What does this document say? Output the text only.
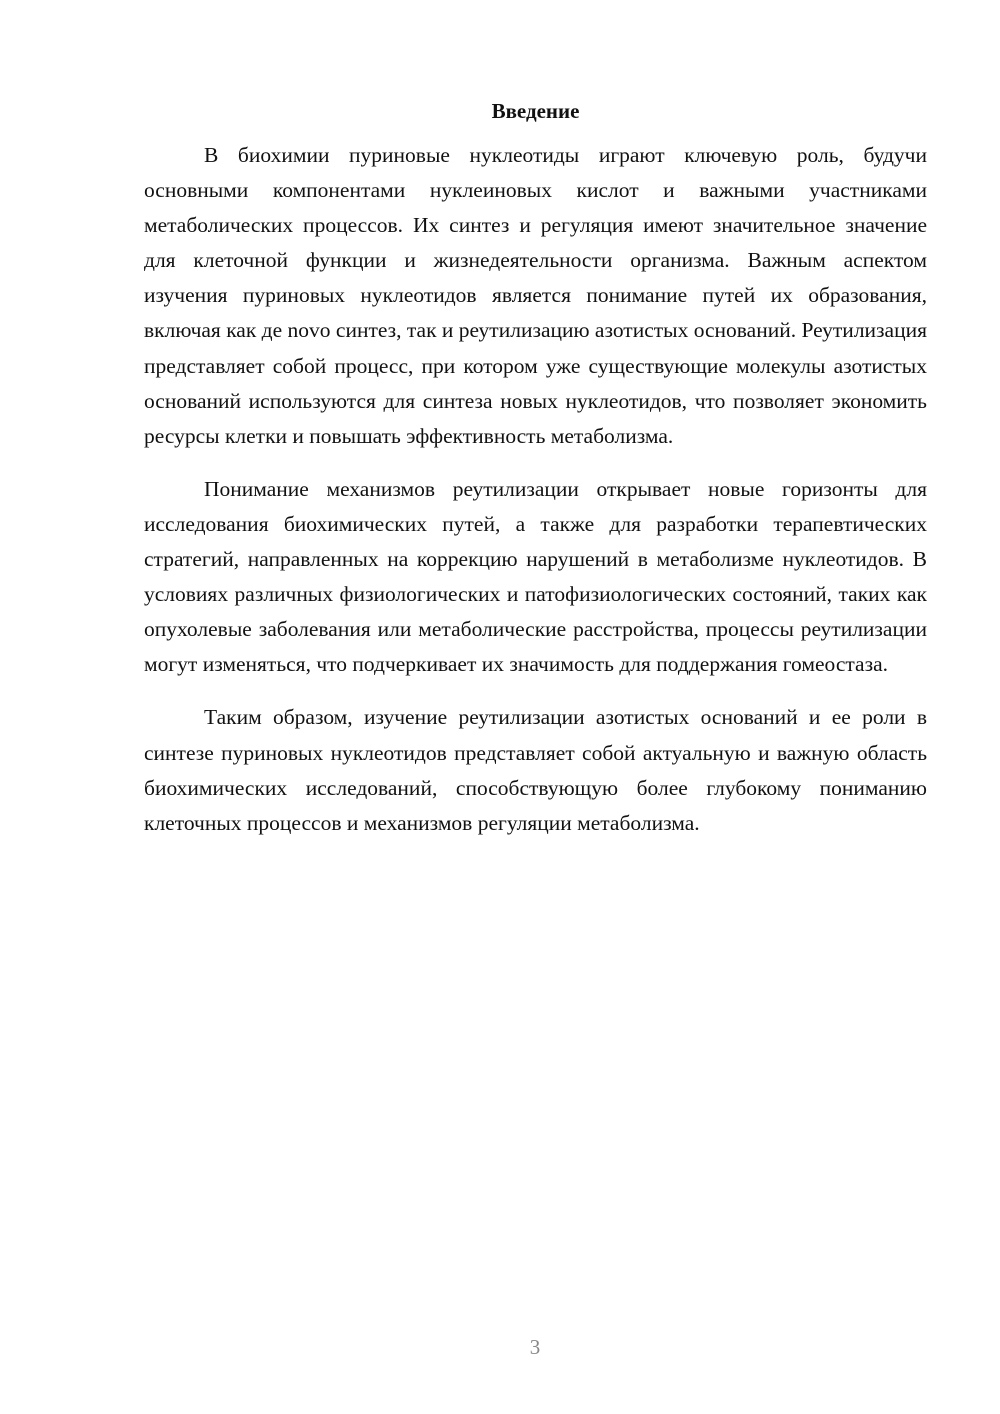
Введение

В биохимии пуриновые нуклеотиды играют ключевую роль, будучи основными компонентами нуклеиновых кислот и важными участниками метаболических процессов. Их синтез и регуляция имеют значительное значение для клеточной функции и жизнедеятельности организма. Важным аспектом изучения пуриновых нуклеотидов является понимание путей их образования, включая как де novo синтез, так и реутилизацию азотистых оснований. Реутилизация представляет собой процесс, при котором уже существующие молекулы азотистых оснований используются для синтеза новых нуклеотидов, что позволяет экономить ресурсы клетки и повышать эффективность метаболизма.

Понимание механизмов реутилизации открывает новые горизонты для исследования биохимических путей, а также для разработки терапевтических стратегий, направленных на коррекцию нарушений в метаболизме нуклеотидов. В условиях различных физиологических и патофизиологических состояний, таких как опухолевые заболевания или метаболические расстройства, процессы реутилизации могут изменяться, что подчеркивает их значимость для поддержания гомеостаза.

Таким образом, изучение реутилизации азотистых оснований и ее роли в синтезе пуриновых нуклеотидов представляет собой актуальную и важную область биохимических исследований, способствующую более глубокому пониманию клеточных процессов и механизмов регуляции метаболизма.

3
